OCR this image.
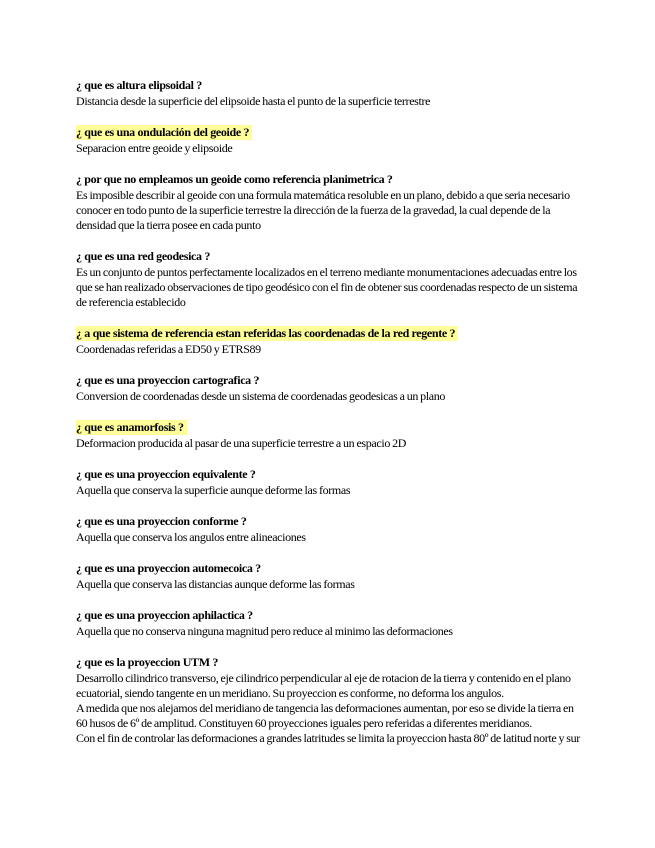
¿ que es altura elipsoidal ?

Distancia desde la superficie del elipsoide hasta el punto de la superficie terrestre

¿ que es una ondulación del geoide ?

Separacion entre geoide y elipsoide

¿ por que no empleamos un geoide como referencia planimetrica ?

Es imposible describir al geoide con una formula matemática resoluble en un plano, debido a que seria necesario conocer en todo punto de la superficie terrestre la dirección de la fuerza de la gravedad, la cual depende de la densidad que la tierra posee en cada punto

¿ que es una red geodesica ?

Es un conjunto de puntos perfectamente localizados en el terreno mediante monumentaciones adecuadas entre los que se han realizado observaciones de tipo geodésico con el fin de obtener sus coordenadas respecto de un sistema de referencia establecido

¿ a que sistema de referencia estan referidas las coordenadas de la red regente ?

Coordenadas referidas a ED50 y ETRS89

¿ que es una proyeccion cartografica ?

Conversion de coordenadas desde un sistema de coordenadas geodesicas a un plano

¿ que es anamorfosis ?

Deformacion producida al pasar de una superficie terrestre a un espacio 2D

¿ que es una proyeccion equivalente ?

Aquella que conserva la superficie aunque deforme las formas

¿ que es una proyeccion conforme ?

Aquella que conserva los angulos entre alineaciones

¿ que es una proyeccion automecoica ?

Aquella que conserva las distancias aunque deforme las formas

¿ que es una proyeccion aphilactica ?

Aquella que no conserva ninguna magnitud pero reduce al minimo las deformaciones

¿ que es la proyeccion UTM ?

Desarrollo cilindrico transverso, eje cilindrico perpendicular al eje de rotacion de la tierra y contenido en el plano ecuatorial, siendo tangente en un meridiano. Su proyeccion es conforme, no deforma los angulos.

A medida que nos alejamos del meridiano de tangencia las deformaciones aumentan, por eso se divide la tierra en 60 husos de 6º de amplitud. Constituyen 60 proyecciones iguales pero referidas a diferentes meridianos.

Con el fin de controlar las deformaciones a grandes latritudes se limita la proyeccion hasta 80º de latitud norte y sur
